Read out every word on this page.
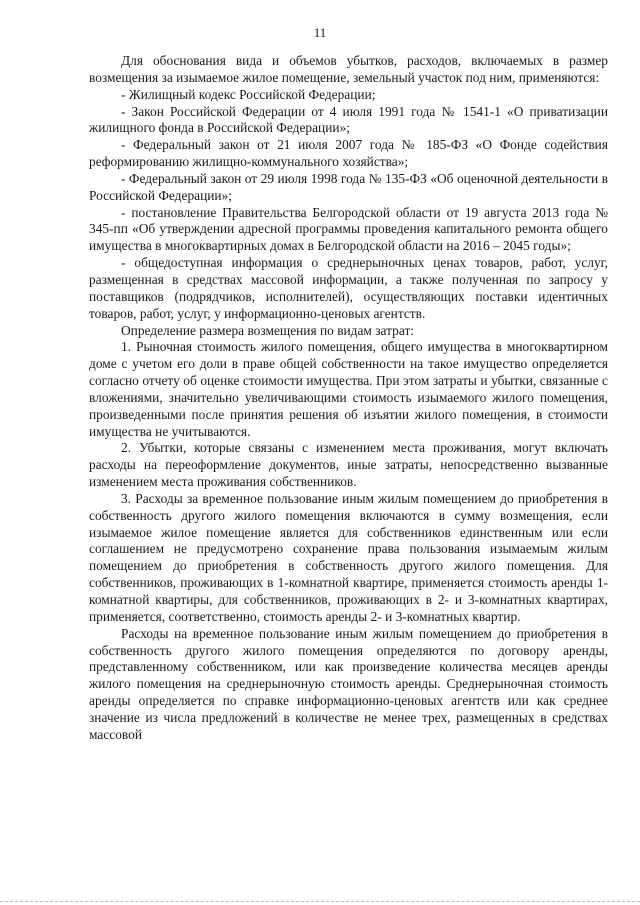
11

Для обоснования вида и объемов убытков, расходов, включаемых в размер возмещения за изымаемое жилое помещение, земельный участок под ним, применяются:

- Жилищный кодекс Российской Федерации;

- Закон Российской Федерации от 4 июля 1991 года № 1541-1 «О приватизации жилищного фонда в Российской Федерации»;

- Федеральный закон от 21 июля 2007 года № 185-ФЗ «О Фонде содействия реформированию жилищно-коммунального хозяйства»;

- Федеральный закон от 29 июля 1998 года № 135-ФЗ «Об оценочной деятельности в Российской Федерации»;

- постановление Правительства Белгородской области от 19 августа 2013 года № 345-пп «Об утверждении адресной программы проведения капитального ремонта общего имущества в многоквартирных домах в Белгородской области на 2016 – 2045 годы»;

- общедоступная информация о среднерыночных ценах товаров, работ, услуг, размещенная в средствах массовой информации, а также полученная по запросу у поставщиков (подрядчиков, исполнителей), осуществляющих поставки идентичных товаров, работ, услуг, у информационно-ценовых агентств.

Определение размера возмещения по видам затрат:

1. Рыночная стоимость жилого помещения, общего имущества в многоквартирном доме с учетом его доли в праве общей собственности на такое имущество определяется согласно отчету об оценке стоимости имущества. При этом затраты и убытки, связанные с вложениями, значительно увеличивающими стоимость изымаемого жилого помещения, произведенными после принятия решения об изъятии жилого помещения, в стоимости имущества не учитываются.

2. Убытки, которые связаны с изменением места проживания, могут включать расходы на переоформление документов, иные затраты, непосредственно вызванные изменением места проживания собственников.

3. Расходы за временное пользование иным жилым помещением до приобретения в собственность другого жилого помещения включаются в сумму возмещения, если изымаемое жилое помещение является для собственников единственным или если соглашением не предусмотрено сохранение права пользования изымаемым жилым помещением до приобретения в собственность другого жилого помещения. Для собственников, проживающих в 1-комнатной квартире, применяется стоимость аренды 1-комнатной квартиры, для собственников, проживающих в 2- и 3-комнатных квартирах, применяется, соответственно, стоимость аренды 2- и 3-комнатных квартир.

Расходы на временное пользование иным жилым помещением до приобретения в собственность другого жилого помещения определяются по договору аренды, представленному собственником, или как произведение количества месяцев аренды жилого помещения на среднерыночную стоимость аренды. Среднерыночная стоимость аренды определяется по справке информационно-ценовых агентств или как среднее значение из числа предложений в количестве не менее трех, размещенных в средствах массовой
